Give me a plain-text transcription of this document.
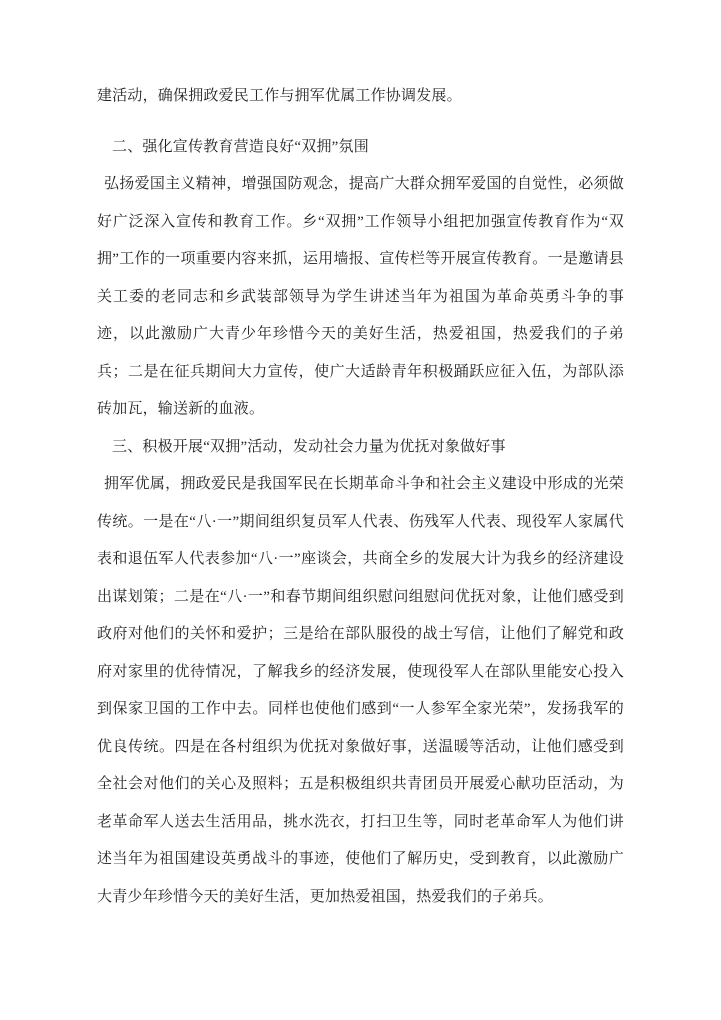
建活动，确保拥政爱民工作与拥军优属工作协调发展。

二、强化宣传教育营造良好“双拥”氛围

弘扬爱国主义精神，增强国防观念，提高广大群众拥军爱国的自觉性，必须做好广泛深入宣传和教育工作。乡“双拥”工作领导小组把加强宣传教育作为“双拥”工作的一项重要内容来抓，运用墙报、宣传栏等开展宣传教育。一是邀请县关工委的老同志和乡武装部领导为学生讲述当年为祖国为革命英勇斗争的事迹，以此激励广大青少年珍惜今天的美好生活，热爱祖国，热爱我们的子弟兵；二是在征兵期间大力宣传，使广大适龄青年积极踊跃应征入伍，为部队添砖加瓦，输送新的血液。

三、积极开展“双拥”活动，发动社会力量为优抚对象做好事

拥军优属，拥政爱民是我国军民在长期革命斗争和社会主义建设中形成的光荣传统。一是在“八·一”期间组织复员军人代表、伤残军人代表、现役军人家属代表和退伍军人代表参加“八·一”座谈会，共商全乡的发展大计为我乡的经济建设出谋划策；二是在“八·一”和春节期间组织慰问组慰问优抚对象，让他们感受到政府对他们的关怀和爱护；三是给在部队服役的战士写信，让他们了解党和政府对家里的优待情况，了解我乡的经济发展，使现役军人在部队里能安心投入到保家卫国的工作中去。同样也使他们感到“一人参军全家光荣”，发扬我军的优良传统。四是在各村组织为优抚对象做好事，送温暖等活动，让他们感受到全社会对他们的关心及照料；五是积极组织共青团员开展爱心献功臣活动，为老革命军人送去生活用品，挑水洗衣，打扫卫生等，同时老革命军人为他们讲述当年为祖国建设英勇战斗的事迹，使他们了解历史，受到教育，以此激励广大青少年珍惜今天的美好生活，更加热爱祖国，热爱我们的子弟兵。
